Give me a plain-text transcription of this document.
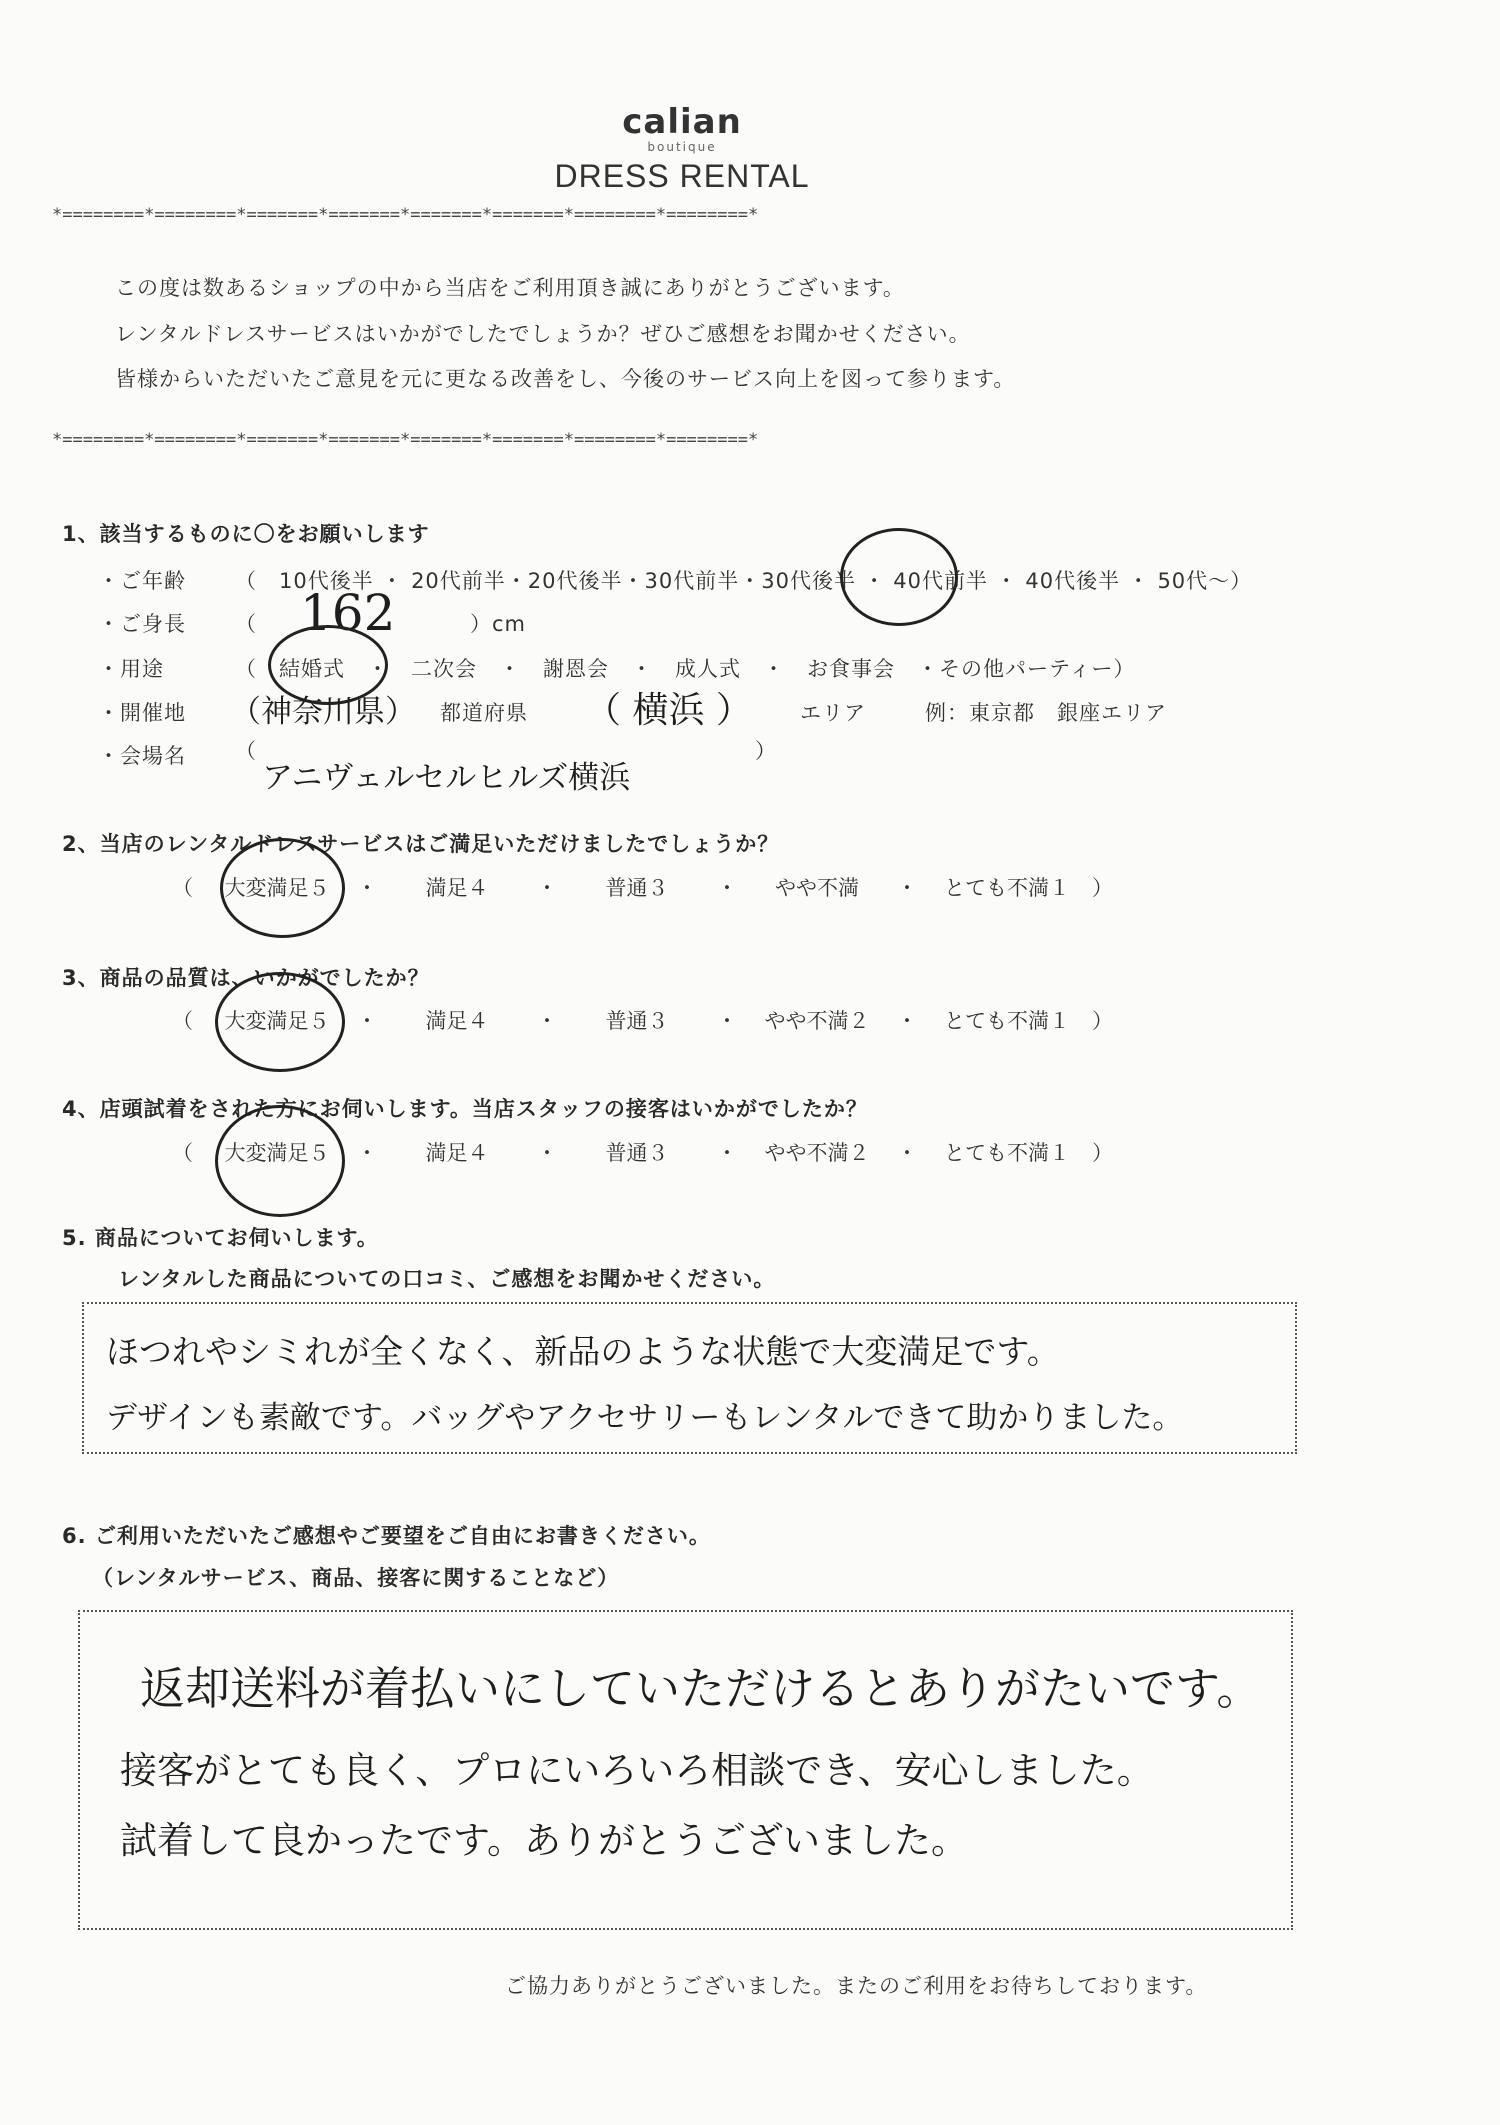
calian
boutique
DRESS RENTAL
*========*========*=======*=======*=======*=======*========*========*
この度は数あるショップの中から当店をご利用頂き誠にありがとうございます。
レンタルドレスサービスはいかがでしたでしょうか？ぜひご感想をお聞かせください。
皆様からいただいたご意見を元に更なる改善をし、今後のサービス向上を図って参ります。
*========*========*=======*=======*=======*=======*========*========*
1、該当するものに〇をお願いします
・ご年齢 （　10代後半 ・ 20代前半・20代後半・30代前半・30代後半 ・ 40代前半 ・ 40代後半 ・ 50代～）
・ご身長 （ 162	）cm
・用途	（　結婚式　・　二次会　・　謝恩会　・　成人式　・　お食事会　・その他パーティー）
・開催地 （神奈川県） 都道府県 （ 横浜 ） エリア	例：東京都　銀座エリア
・会場名 （
アニヴェルセルヒルズ横浜
）
2、当店のレンタルドレスサービスはご満足いただけましたでしょうか？
（	大変満足５	・	満足４	・	普通３	・	やや不満	・	とても不満１	）
3、商品の品質は、いかがでしたか？
（	大変満足５	・	満足４	・	普通３	・	やや不満２	・	とても不満１	）
4、店頭試着をされた方にお伺いします。当店スタッフの接客はいかがでしたか？
（	大変満足５	・	満足４	・	普通３	・	やや不満２	・	とても不満１	）
5. 商品についてお伺いします。
レンタルした商品についての口コミ、ご感想をお聞かせください。
ほつれやシミれが全くなく、新品のような状態で大変満足です。
デザインも素敵です。バッグやアクセサリーもレンタルできて助かりました。
6. ご利用いただいたご感想やご要望をご自由にお書きください。
（レンタルサービス、商品、接客に関することなど）
返却送料が着払いにしていただけるとありがたいです。
接客がとても良く、プロにいろいろ相談でき、安心しました。
試着して良かったです。ありがとうございました。
ご協力ありがとうございました。またのご利用をお待ちしております。
